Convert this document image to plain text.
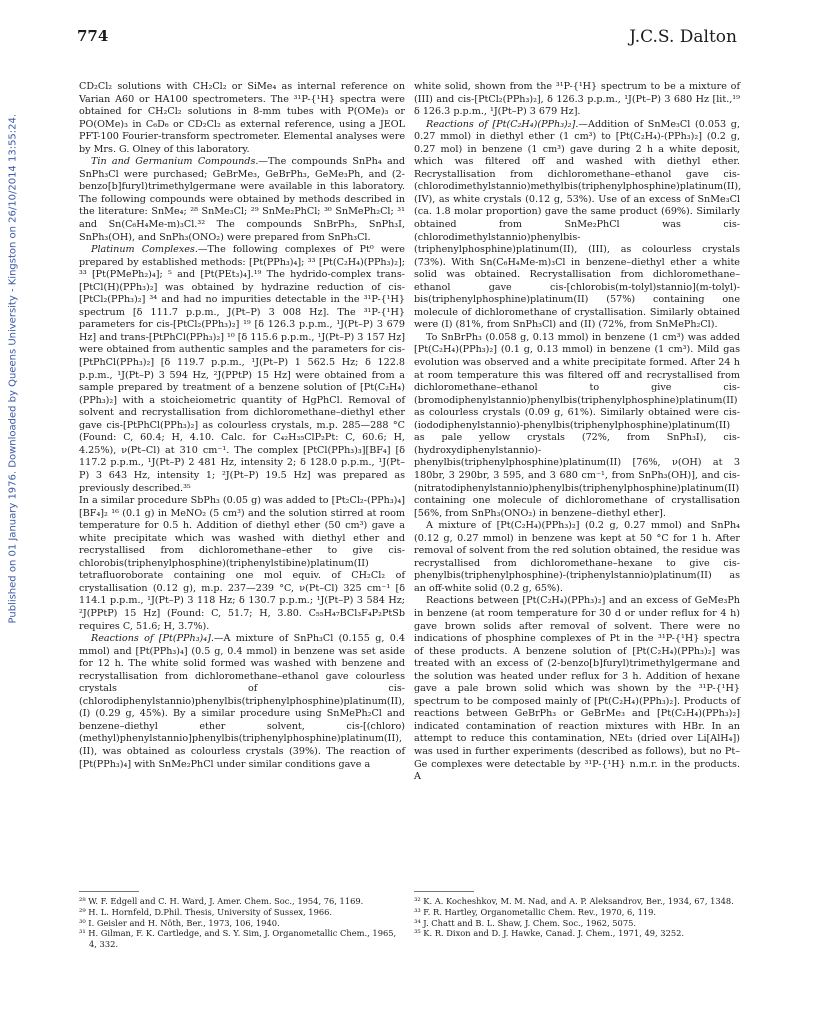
774	J.C.S. Dalton
Published on 01 January 1976. Downloaded by Queens University - Kingston on 26/10/2014 13:55:24.

CD₂Cl₂ solutions with CH₂Cl₂ or SiMe₄ as internal reference on Varian A60 or HA100 spectrometers. The ³¹P-{¹H} spectra were obtained for CH₂Cl₂ solutions in 8-mm tubes with P(OMe)₃ or PO(OMe)₃ in C₆D₆ or CD₂Cl₂ as external reference, using a JEOL PFT-100 Fourier-transform spectrometer. Elemental analyses were by Mrs. G. Olney of this laboratory.

Tin and Germanium Compounds.—The compounds SnPh₄ and SnPh₃Cl were purchased; GeBrMe₃, GeBrPh₃, GeMe₃Ph, and (2-benzo[b]furyl)trimethylgermane were available in this laboratory. The following compounds were obtained by methods described in the literature: SnMe₄; ²⁸ SnMe₃Cl; ²⁹ SnMe₂PhCl; ³⁰ SnMePh₂Cl; ³¹ and Sn(C₆H₄Me-m)₃Cl.³² The compounds SnBrPh₃, SnPh₃I, SnPh₃(OH), and SnPh₃(ONO₂) were prepared from SnPh₃Cl.

Platinum Complexes.—The following complexes of Pt⁰ were prepared by established methods: [Pt(PPh₃)₄]; ³³ [Pt(C₂H₄)(PPh₃)₂]; ³³ [Pt(PMePh₂)₄]; ⁵ and [Pt(PEt₃)₄].¹⁹ The hydrido-complex trans-[PtCl(H)(PPh₃)₂] was obtained by hydrazine reduction of cis-[PtCl₂(PPh₃)₂] ³⁴ and had no impurities detectable in the ³¹P-{¹H} spectrum [δ 111.7 p.p.m., J(Pt–P) 3 008 Hz]. The ³¹P-{¹H} parameters for cis-[PtCl₂(PPh₃)₂] ¹⁹ [δ 126.3 p.p.m., ¹J(Pt–P) 3 679 Hz] and trans-[PtPhCl(PPh₃)₂] ¹⁰ [δ 115.6 p.p.m., ¹J(Pt–P) 3 157 Hz] were obtained from authentic samples and the parameters for cis-[PtPhCl(PPh₃)₂] [δ 119.7 p.p.m., ¹J(Pt–P) 1 562.5 Hz; δ 122.8 p.p.m., ¹J(Pt–P) 3 594 Hz, ²J(PPtP) 15 Hz] were obtained from a sample prepared by treatment of a benzene solution of [Pt(C₂H₄)(PPh₃)₂] with a stoicheiometric quantity of HgPhCl. Removal of solvent and recrystallisation from dichloromethane–diethyl ether gave cis-[PtPhCl(PPh₃)₂] as colourless crystals, m.p. 285—288 °C (Found: C, 60.4; H, 4.10. Calc. for C₄₂H₃₅ClP₂Pt: C, 60.6; H, 4.25%), ν(Pt–Cl) at 310 cm⁻¹. The complex [PtCl(PPh₃)₃][BF₄] [δ 117.2 p.p.m., ¹J(Pt–P) 2 481 Hz, intensity 2; δ 128.0 p.p.m., ¹J(Pt–P) 3 643 Hz, intensity 1; ²J(Pt–P) 19.5 Hz] was prepared as previously described.³⁵

In a similar procedure SbPh₃ (0.05 g) was added to [Pt₂Cl₂-(PPh₃)₄][BF₄]₂ ¹⁶ (0.1 g) in MeNO₂ (5 cm³) and the solution stirred at room temperature for 0.5 h. Addition of diethyl ether (50 cm³) gave a white precipitate which was washed with diethyl ether and recrystallised from dichloromethane–ether to give cis-chlorobis(triphenylphosphine)(triphenylstibine)platinum(II) tetrafluoroborate containing one mol equiv. of CH₂Cl₂ of crystallisation (0.12 g), m.p. 237—239 °C, ν(Pt–Cl) 325 cm⁻¹ [δ 114.1 p.p.m., ¹J(Pt–P) 3 118 Hz; δ 130.7 p.p.m.; ¹J(Pt–P) 3 584 Hz; ²J(PPtP) 15 Hz] (Found: C, 51.7; H, 3.80. C₅₅H₄₇BCl₃F₄P₂PtSb requires C, 51.6; H, 3.7%).

Reactions of [Pt(PPh₃)₄].—A mixture of SnPh₃Cl (0.155 g, 0.4 mmol) and [Pt(PPh₃)₄] (0.5 g, 0.4 mmol) in benzene was set aside for 12 h. The white solid formed was washed with benzene and recrystallisation from dichloromethane–ethanol gave colourless crystals of cis-(chlorodiphenylstannio)phenylbis(triphenylphosphine)platinum(II), (I) (0.29 g, 45%). By a similar procedure using SnMePh₂Cl and benzene–diethyl ether solvent, cis-[(chloro)(methyl)phenylstannio]phenylbis(triphenylphosphine)platinum(II), (II), was obtained as colourless crystals (39%). The reaction of [Pt(PPh₃)₄] with SnMe₂PhCl under similar conditions gave a

white solid, shown from the ³¹P-{¹H} spectrum to be a mixture of (III) and cis-[PtCl₂(PPh₃)₂], δ 126.3 p.p.m., ¹J(Pt–P) 3 680 Hz [lit.,¹⁹ δ 126.3 p.p.m., ¹J(Pt–P) 3 679 Hz].

Reactions of [Pt(C₂H₄)(PPh₃)₂].—Addition of SnMe₃Cl (0.053 g, 0.27 mmol) in diethyl ether (1 cm³) to [Pt(C₂H₄)-(PPh₃)₂] (0.2 g, 0.27 mol) in benzene (1 cm³) gave during 2 h a white deposit, which was filtered off and washed with diethyl ether. Recrystallisation from dichloromethane–ethanol gave cis-(chlorodimethylstannio)methylbis(triphenylphosphine)platinum(II), (IV), as white crystals (0.12 g, 53%). Use of an excess of SnMe₃Cl (ca. 1.8 molar proportion) gave the same product (69%). Similarly obtained from SnMe₂PhCl was cis-(chlorodimethylstannio)phenylbis-(triphenylphosphine)platinum(II), (III), as colourless crystals (73%). With Sn(C₆H₄Me-m)₃Cl in benzene–diethyl ether a white solid was obtained. Recrystallisation from dichloromethane–ethanol gave cis-[chlorobis(m-tolyl)stannio](m-tolyl)-bis(triphenylphosphine)platinum(II) (57%) containing one molecule of dichloromethane of crystallisation. Similarly obtained were (I) (81%, from SnPh₃Cl) and (II) (72%, from SnMePh₂Cl).

To SnBrPh₃ (0.058 g, 0.13 mmol) in benzene (1 cm³) was added [Pt(C₂H₄)(PPh₃)₂] (0.1 g, 0.13 mmol) in benzene (1 cm³). Mild gas evolution was observed and a white precipitate formed. After 24 h at room temperature this was filtered off and recrystallised from dichloromethane–ethanol to give cis-(bromodiphenylstannio)phenylbis(triphenylphosphine)platinum(II) as colourless crystals (0.09 g, 61%). Similarly obtained were cis-(iododiphenylstannio)-phenylbis(triphenylphosphine)platinum(II) as pale yellow crystals (72%, from SnPh₃I), cis-(hydroxydiphenylstannio)-phenylbis(triphenylphosphine)platinum(II) [76%, ν(OH) at 3 180br, 3 290br, 3 595, and 3 680 cm⁻¹, from SnPh₃(OH)], and cis-(nitratodiphenylstannio)phenylbis(triphenylphosphine)platinum(II) containing one molecule of dichloromethane of crystallisation [56%, from SnPh₃(ONO₂) in benzene–diethyl ether].

A mixture of [Pt(C₂H₄)(PPh₃)₂] (0.2 g, 0.27 mmol) and SnPh₄ (0.12 g, 0.27 mmol) in benzene was kept at 50 °C for 1 h. After removal of solvent from the red solution obtained, the residue was recrystallised from dichloromethane–hexane to give cis-phenylbis(triphenylphosphine)-(triphenylstannio)platinum(II) as an off-white solid (0.2 g, 65%).

Reactions between [Pt(C₂H₄)(PPh₃)₂] and an excess of GeMe₃Ph in benzene (at room temperature for 30 d or under reflux for 4 h) gave brown solids after removal of solvent. There were no indications of phosphine complexes of Pt in the ³¹P-{¹H} spectra of these products. A benzene solution of [Pt(C₂H₄)(PPh₃)₂] was treated with an excess of (2-benzo[b]furyl)trimethylgermane and the solution was heated under reflux for 3 h. Addition of hexane gave a pale brown solid which was shown by the ³¹P-{¹H} spectrum to be composed mainly of [Pt(C₂H₄)(PPh₃)₂]. Products of reactions between GeBrPh₃ or GeBrMe₃ and [Pt(C₂H₄)(PPh₃)₂] indicated contamination of reaction mixtures with HBr. In an attempt to reduce this contamination, NEt₃ (dried over Li[AlH₄]) was used in further experiments (described as follows), but no Pt–Ge complexes were detectable by ³¹P-{¹H} n.m.r. in the products. A

²⁸ W. F. Edgell and C. H. Ward, J. Amer. Chem. Soc., 1954, 76, 1169.

²⁹ H. L. Hornfeld, D.Phil. Thesis, University of Sussex, 1966.

³⁰ I. Geisler and H. Nöth, Ber., 1973, 106, 1940.

³¹ H. Gilman, F. K. Cartledge, and S. Y. Sim, J. Organometallic Chem., 1965, 4, 332.

³² K. A. Kocheshkov, M. M. Nad, and A. P. Aleksandrov, Ber., 1934, 67, 1348.

³³ F. R. Hartley, Organometallic Chem. Rev., 1970, 6, 119.

³⁴ J. Chatt and B. L. Shaw, J. Chem. Soc., 1962, 5075.

³⁵ K. R. Dixon and D. J. Hawke, Canad. J. Chem., 1971, 49, 3252.
